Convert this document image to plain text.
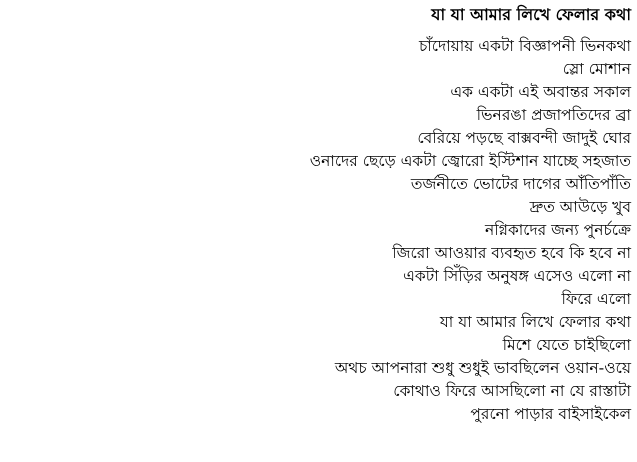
যা যা আমার লিখে ফেলার কথা
চাঁদোয়ায় একটা বিজ্ঞাপনী ভিনকথা
স্লো মোশান
এক একটা এই অবান্তর সকাল
ভিনরঙা প্রজাপতিদের ব্রা
বেরিয়ে পড়ছে বাক্সবন্দী জাদুই ঘোর
ওনাদের ছেড়ে একটা জ্বোরো ইস্টিশান যাচ্ছে সহজাত
তর্জনীতে ভোটের দাগের আঁতিপাঁতি
দ্রুত আউড়ে খুব
নগ্নিকাদের জন্য পুনর্চক্রে
জিরো আওয়ার ব্যবহৃত হবে কি হবে না
একটা সিঁড়ির অনুষঙ্গ এসেও এলো না
ফিরে এলো
যা যা আমার লিখে ফেলার কথা
মিশে যেতে চাইছিলো
অথচ আপনারা শুধু শুধুই ভাবছিলেন ওয়ান-ওয়ে
কোথাও ফিরে আসছিলো না যে রাস্তাটা
পুরনো পাড়ার বাইসাইকেল
